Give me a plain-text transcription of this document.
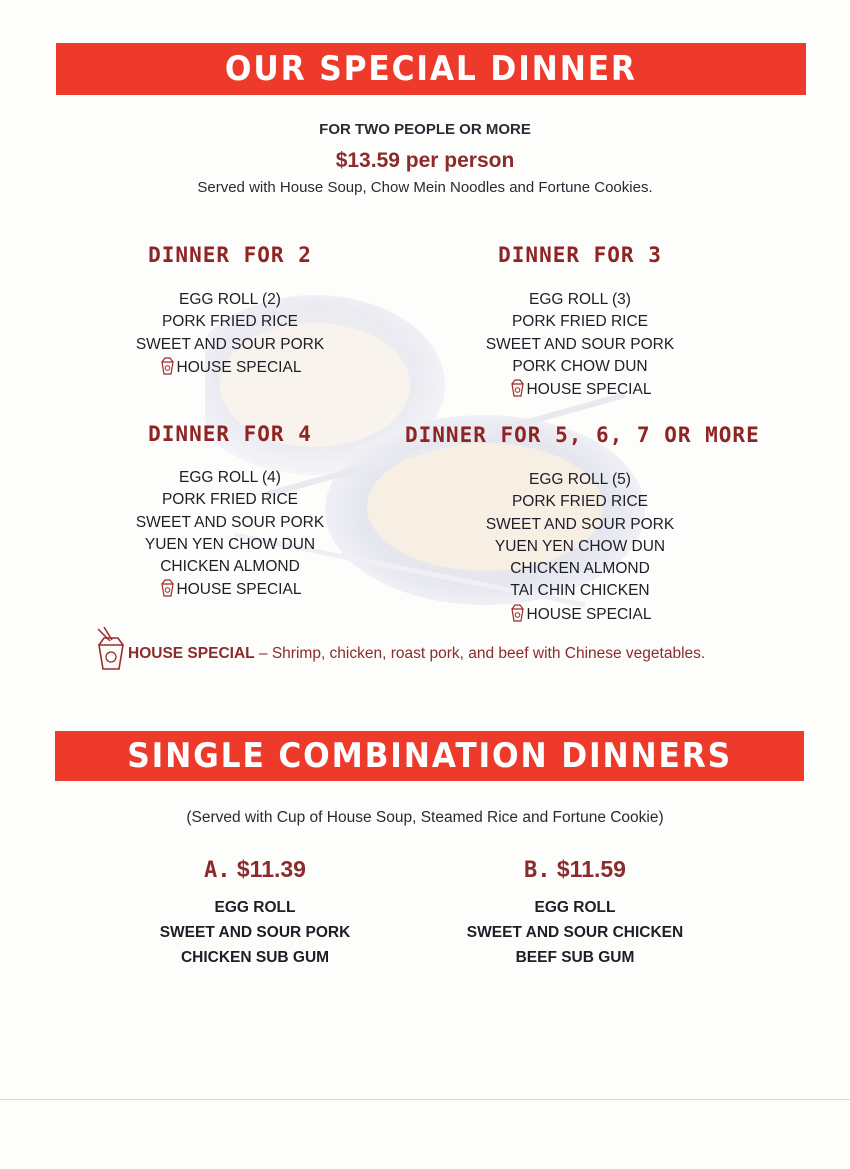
OUR SPECIAL DINNER
FOR TWO PEOPLE OR MORE
$13.59 per person
Served with House Soup, Chow Mein Noodles and Fortune Cookies.
DINNER FOR 2
EGG ROLL (2)
PORK FRIED RICE
SWEET AND SOUR PORK
HOUSE SPECIAL
DINNER FOR 3
EGG ROLL (3)
PORK FRIED RICE
SWEET AND SOUR PORK
PORK CHOW DUN
HOUSE SPECIAL
DINNER FOR 4
EGG ROLL (4)
PORK FRIED RICE
SWEET AND SOUR PORK
YUEN YEN CHOW DUN
CHICKEN ALMOND
HOUSE SPECIAL
DINNER FOR 5, 6, 7 OR MORE
EGG ROLL (5)
PORK FRIED RICE
SWEET AND SOUR PORK
YUEN YEN CHOW DUN
CHICKEN ALMOND
TAI CHIN CHICKEN
HOUSE SPECIAL
HOUSE SPECIAL – Shrimp, chicken, roast pork, and beef with Chinese vegetables.
SINGLE COMBINATION DINNERS
(Served with Cup of House Soup, Steamed Rice and Fortune Cookie)
A. $11.39
EGG ROLL
SWEET AND SOUR PORK
CHICKEN SUB GUM
B. $11.59
EGG ROLL
SWEET AND SOUR CHICKEN
BEEF SUB GUM
